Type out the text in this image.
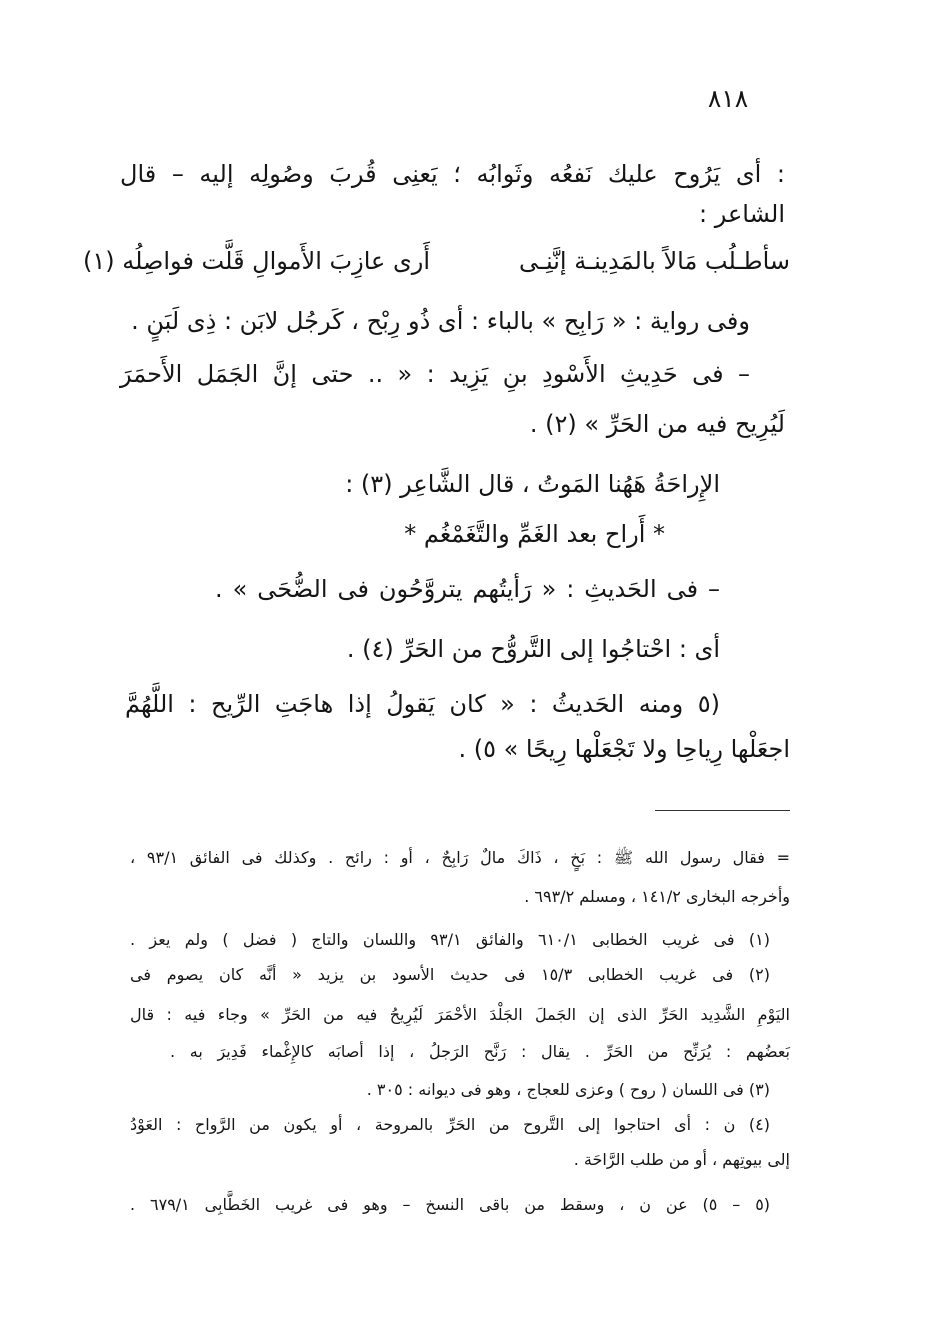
٨١٨
: أى يَرُوح عليك نَفعُه وثَوابُه ؛ يَعنِى قُربَ وصُولِه إليه – قال
الشاعر :
سأطـلُب مَالاً بالمَدِينـة إنَّنِـى
أَرى عازِبَ الأَموالِ قَلَّت فواصِلُه (١)
وفى رواية : « رَابِح » بالباء : أى ذُو رِبْح ، كَرجُل لابَن : ذِى لَبَنٍ .
– فى حَدِيثِ الأَسْودِ بنِ يَزِيد : « .. حتى إنَّ الجَمَل الأَحمَرَ
لَيُرِيح فيه من الحَرِّ » (٢) .
الإِراحَةُ هَهُنا المَوتُ ، قال الشَّاعِر (٣) :
* أَراح بعد الغَمِّ والتَّغَمْغُم *
– فى الحَديثِ : « رَأيتُهم يتروَّحُون فى الضُّحَى » .
أى : احْتاجُوا إلى التَّروُّح من الحَرِّ (٤) .
(٥ ومنه الحَديثُ : « كان يَقولُ إذا هاجَتِ الرِّيح : اللَّهُمَّ
اجعَلْها رِياحِا ولا تَجْعَلْها رِيحًا » ٥) .
= فقال رسول الله ﷺ : بَخٍ ، ذَاكَ مالٌ رَابِحٌ ، أو : رائح . وكذلك فى الفائق ٩٣/١ ،
وأخرجه البخارى ١٤١/٢ ، ومسلم ٦٩٣/٢ .
(١) فى غريب الخطابى ٦١٠/١ والفائق ٩٣/١ واللسان والتاج ( فضل ) ولم يعز .
(٢) فى غريب الخطابى ١٥/٣ فى حديث الأسود بن يزيد « أنَّه كان يصوم فى
اليَوْمِ الشَّدِيد الحَرِّ الذى إن الجَملَ الجَلْدَ الأحْمَرَ لَيُرِيحُ فيه من الحَرِّ » وجاء فيه : قال
بَعضُهم : يُرَنِّح من الحَرِّ . يقال : رَنَّح الرَجلُ ، إذا أصابَه كالإِغْماء فَدِيرَ به .
(٣) فى اللسان ( روح ) وعزى للعجاج ، وهو فى ديوانه : ٣٠٥ .
(٤) ن : أى احتاجوا إلى التَّروح من الحَرِّ بالمروحة ، أو يكون من الرَّواح : العَوْدُ
إلى بيوتِهم ، أو من طلب الرَّاحَة .
(٥ – ٥) عن ن ، وسقط من باقى النسخ – وهو فى غريب الخَطَّابِى ٦٧٩/١ .
